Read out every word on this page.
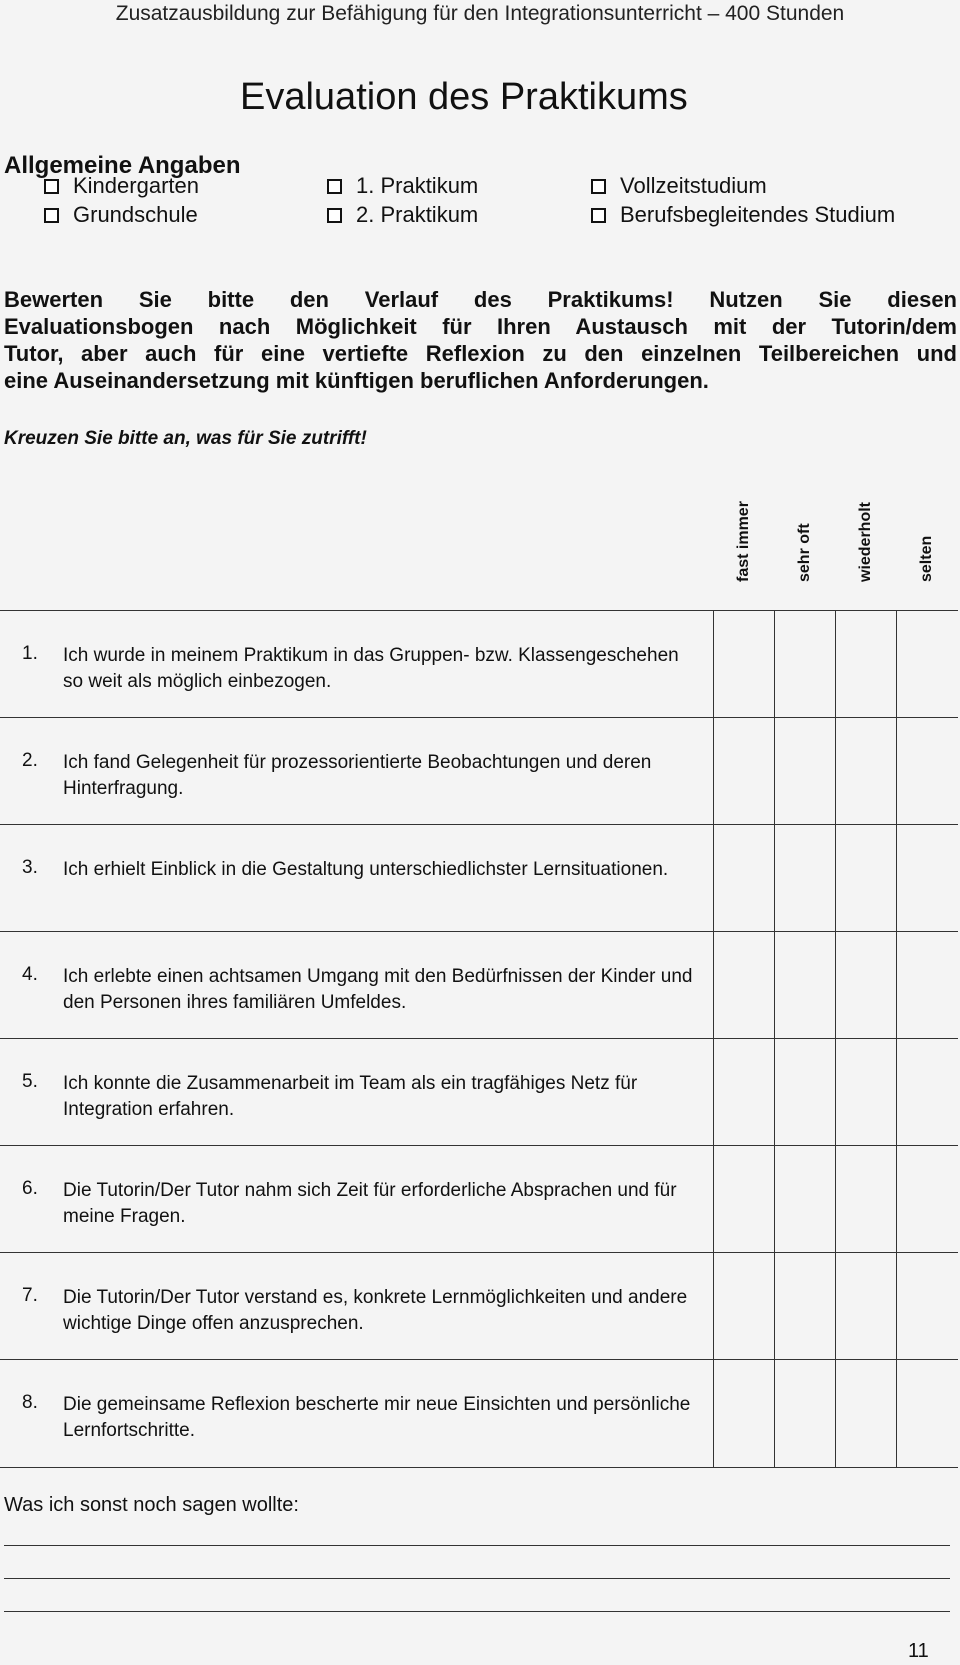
Zusatzausbildung zur Befähigung für den Integrationsunterricht – 400 Stunden
Evaluation des Praktikums
Allgemeine Angaben
Kindergarten
Grundschule
1. Praktikum
2. Praktikum
Vollzeitstudium
Berufsbegleitendes Studium
Bewerten Sie bitte den Verlauf des Praktikums! Nutzen Sie diesen
Evaluationsbogen nach Möglichkeit für Ihren Austausch mit der Tutorin/dem
Tutor, aber auch für eine vertiefte Reflexion zu den einzelnen Teilbereichen und
eine Auseinandersetzung mit künftigen beruflichen Anforderungen.
Kreuzen Sie bitte an, was für Sie zutrifft!
fast immer	sehr oft	wiederholt	selten
1. Ich wurde in meinem Praktikum in das Gruppen- bzw. Klassengeschehen so weit als möglich einbezogen.
2. Ich fand Gelegenheit für prozessorientierte Beobachtungen und deren Hinterfragung.
3. Ich erhielt Einblick in die Gestaltung unterschiedlichster Lernsituationen.
4. Ich erlebte einen achtsamen Umgang mit den Bedürfnissen der Kinder und den Personen ihres familiären Umfeldes.
5. Ich konnte die Zusammenarbeit im Team als ein tragfähiges Netz für Integration erfahren.
6. Die Tutorin/Der Tutor nahm sich Zeit für erforderliche Absprachen und für meine Fragen.
7. Die Tutorin/Der Tutor verstand es, konkrete Lernmöglichkeiten und andere wichtige Dinge offen anzusprechen.
8. Die gemeinsame Reflexion bescherte mir neue Einsichten und persönliche Lernfortschritte.
Was ich sonst noch sagen wollte:
11
